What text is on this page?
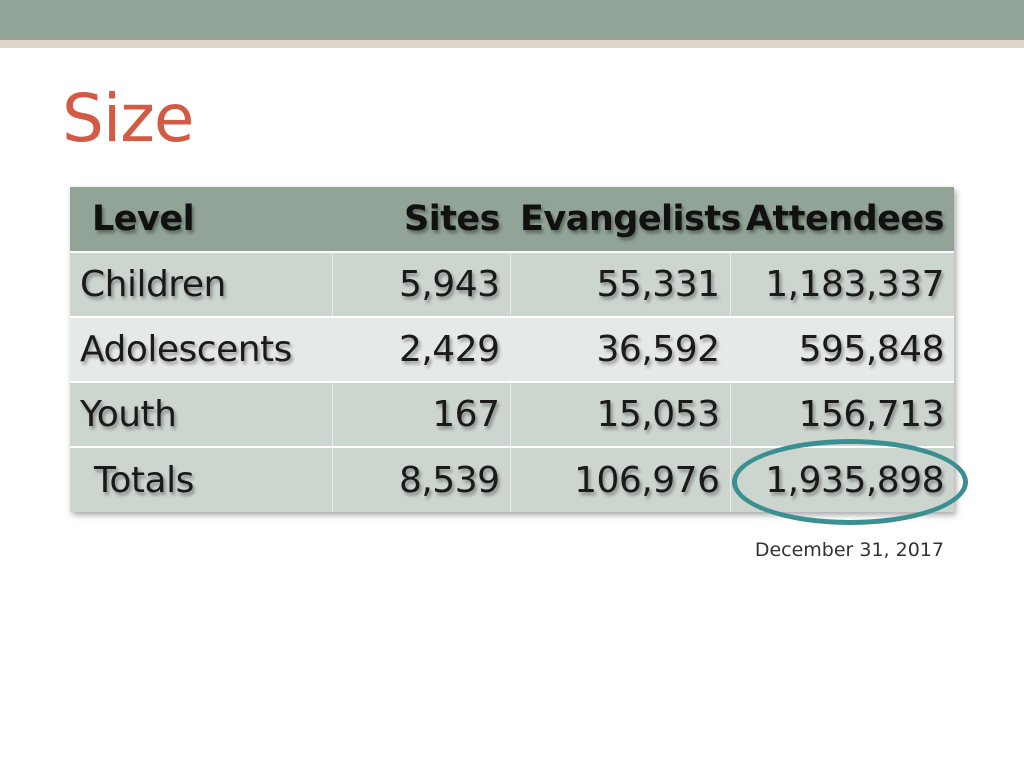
Size
Level	Sites	Evangelists	Attendees
Children	5,943	55,331	1,183,337
Adolescents	2,429	36,592	595,848
Youth	167	15,053	156,713
Totals	8,539	106,976	1,935,898
December 31, 2017
